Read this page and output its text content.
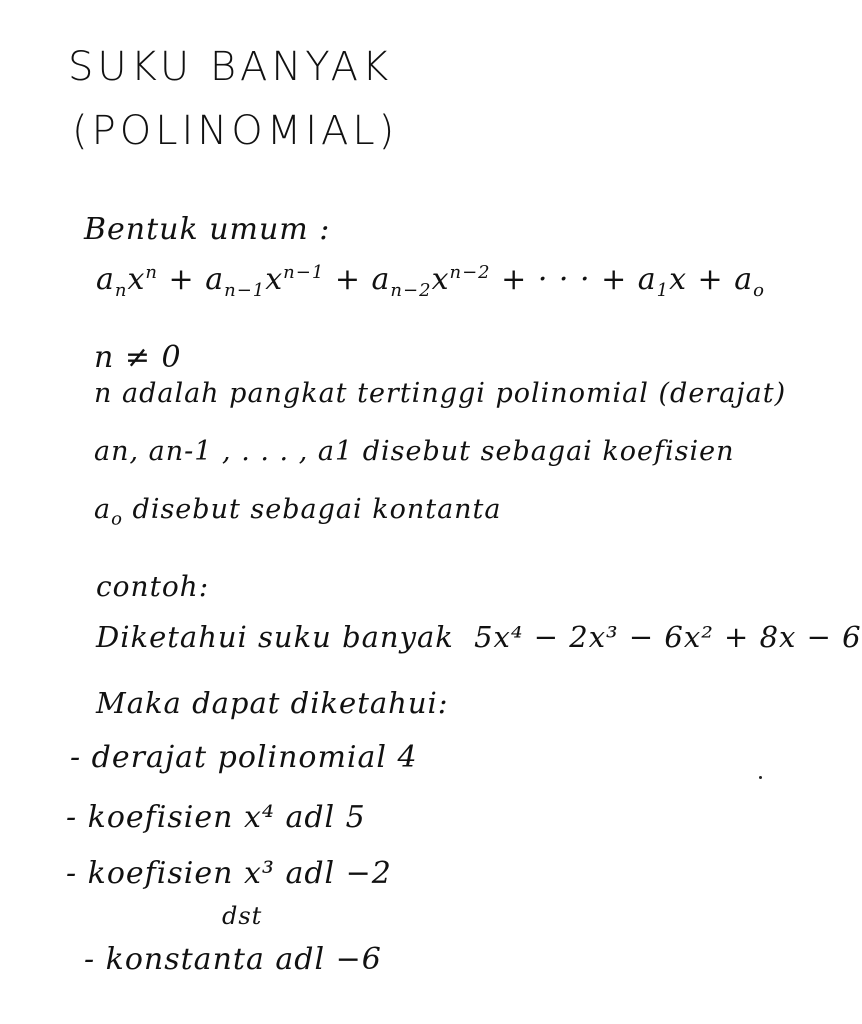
SUKU BANYAK
(POLINOMIAL)
Bentuk umum :
$a_nx^n + a_{n-1}x^{n-1} + a_{n-2}x^{n-2}$ + · · · + $a_1x + a_o$
n ≠ 0
n adalah pangkat tertinggi polinomial (derajat)
an, an-1 , . . . , a1 disebut sebagai koefisien
$a_o$ disebut sebagai kontanta
contoh:
Diketahui suku banyak 5x⁴ − 2x³ − 6x² + 8x − 6
Maka dapat diketahui:
- derajat polinomial 4
- koefisien x⁴ adl 5
- koefisien x³ adl −2
dst
- konstanta adl −6
